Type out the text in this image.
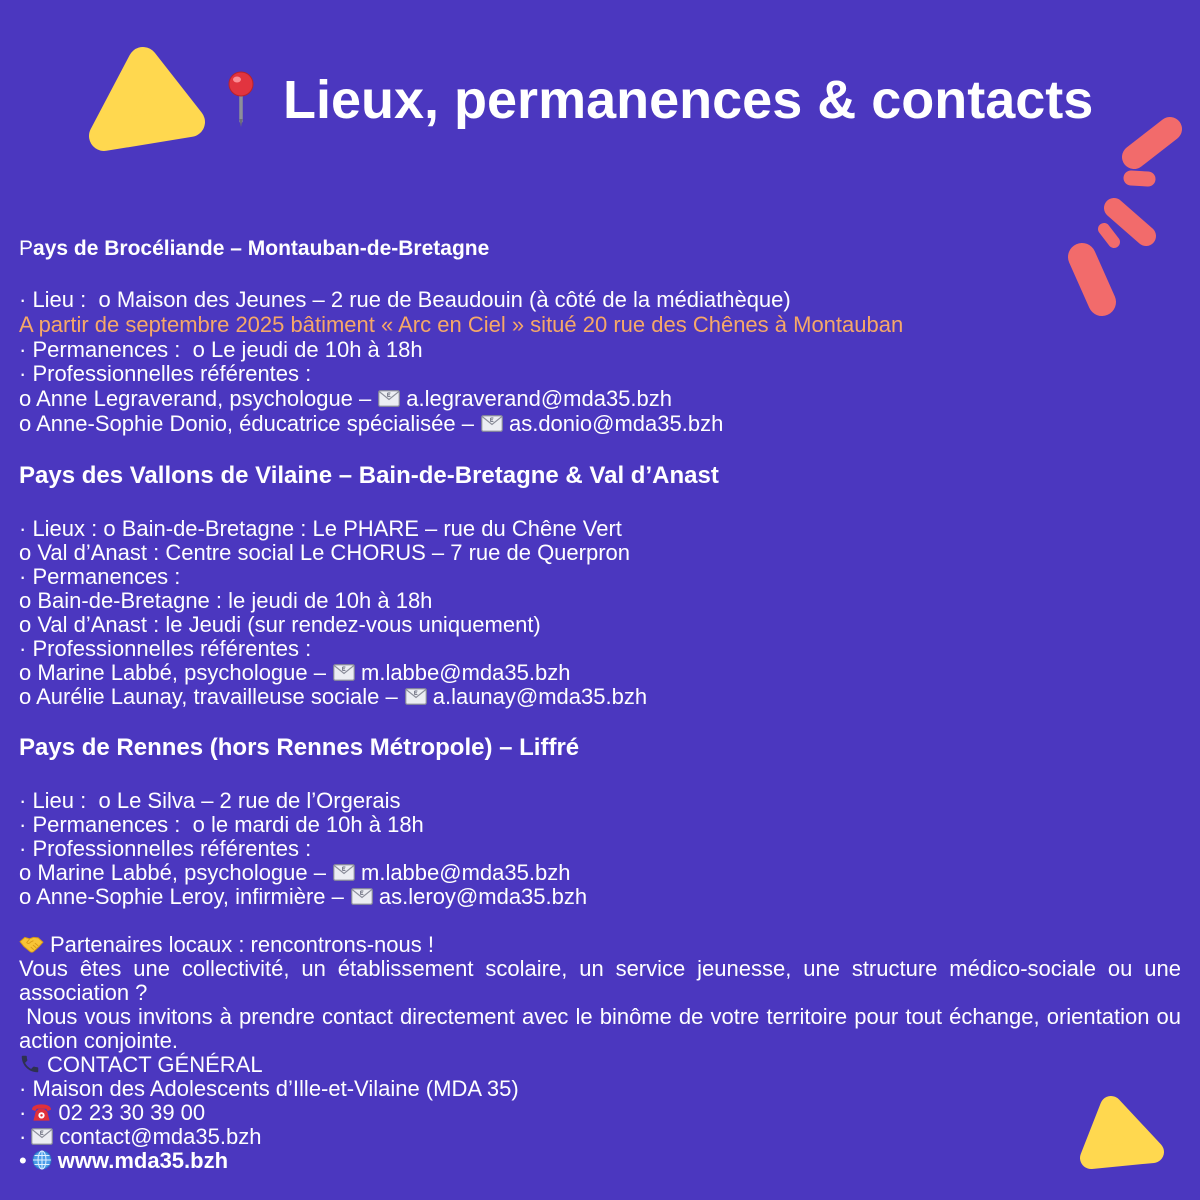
Lieux, permanences & contacts
Pays de Brocéliande – Montauban-de-Bretagne
· Lieu :  o Maison des Jeunes – 2 rue de Beaudouin (à côté de la médiathèque)
A partir de septembre 2025 bâtiment « Arc en Ciel » situé 20 rue des Chênes à Montauban
· Permanences :  o Le jeudi de 10h à 18h
· Professionnelles référentes :
o Anne Legraverand, psychologue – a.legraverand@mda35.bzh
o Anne-Sophie Donio, éducatrice spécialisée – as.donio@mda35.bzh
Pays des Vallons de Vilaine – Bain-de-Bretagne & Val d’Anast
· Lieux : o Bain-de-Bretagne : Le PHARE – rue du Chêne Vert
o Val d’Anast : Centre social Le CHORUS – 7 rue de Querpron
· Permanences :
o Bain-de-Bretagne : le jeudi de 10h à 18h
o Val d’Anast : le Jeudi (sur rendez-vous uniquement)
· Professionnelles référentes :
o Marine Labbé, psychologue – m.labbe@mda35.bzh
o Aurélie Launay, travailleuse sociale – a.launay@mda35.bzh
Pays de Rennes (hors Rennes Métropole) – Liffré
· Lieu :  o Le Silva – 2 rue de l’Orgerais
· Permanences :  o le mardi de 10h à 18h
· Professionnelles référentes :
o Marine Labbé, psychologue – m.labbe@mda35.bzh
o Anne-Sophie Leroy, infirmière – as.leroy@mda35.bzh
Partenaires locaux : rencontrons-nous !
Vous êtes une collectivité, un établissement scolaire, un service jeunesse, une structure médico-sociale ou une association ?
Nous vous invitons à prendre contact directement avec le binôme de votre territoire pour tout échange, orientation ou action conjointe.
CONTACT GÉNÉRAL
· Maison des Adolescents d’Ille-et-Vilaine (MDA 35)
· 02 23 30 39 00
· contact@mda35.bzh
• www.mda35.bzh
